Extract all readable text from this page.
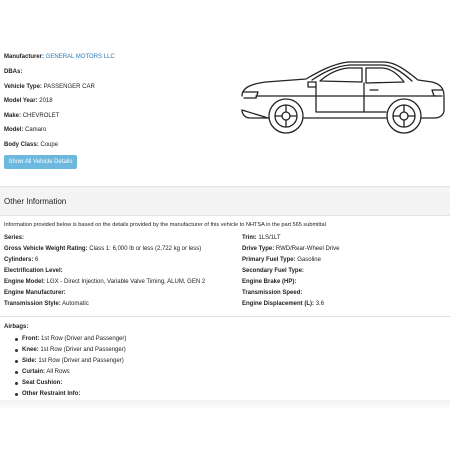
Manufacturer: GENERAL MOTORS LLC
DBAs:
Vehicle Type: PASSENGER CAR
Model Year: 2018
Make: CHEVROLET
Model: Camaro
Body Class: Coupe
Show All Vehicle Details
Other Information
Information provided below is based on the details provided by the manufacturer of this vehicle to NHTSA in the part 565 submittal
Series:
Gross Vehicle Weight Rating: Class 1: 6,000 lb or less (2,722 kg or less)
Cylinders: 6
Electrification Level:
Engine Model: LGX - Direct Injection, Variable Valve Timing, ALUM, GEN 2
Engine Manufacturer:
Transmission Style: Automatic
Trim: 1LS/1LT
Drive Type: RWD/Rear-Wheel Drive
Primary Fuel Type: Gasoline
Secondary Fuel Type:
Engine Brake (HP):
Transmission Speed:
Engine Displacement (L): 3.6
Airbags:
Front: 1st Row (Driver and Passenger)
Knee: 1st Row (Driver and Passenger)
Side: 1st Row (Driver and Passenger)
Curtain: All Rows
Seat Cushion:
Other Restraint Info:
